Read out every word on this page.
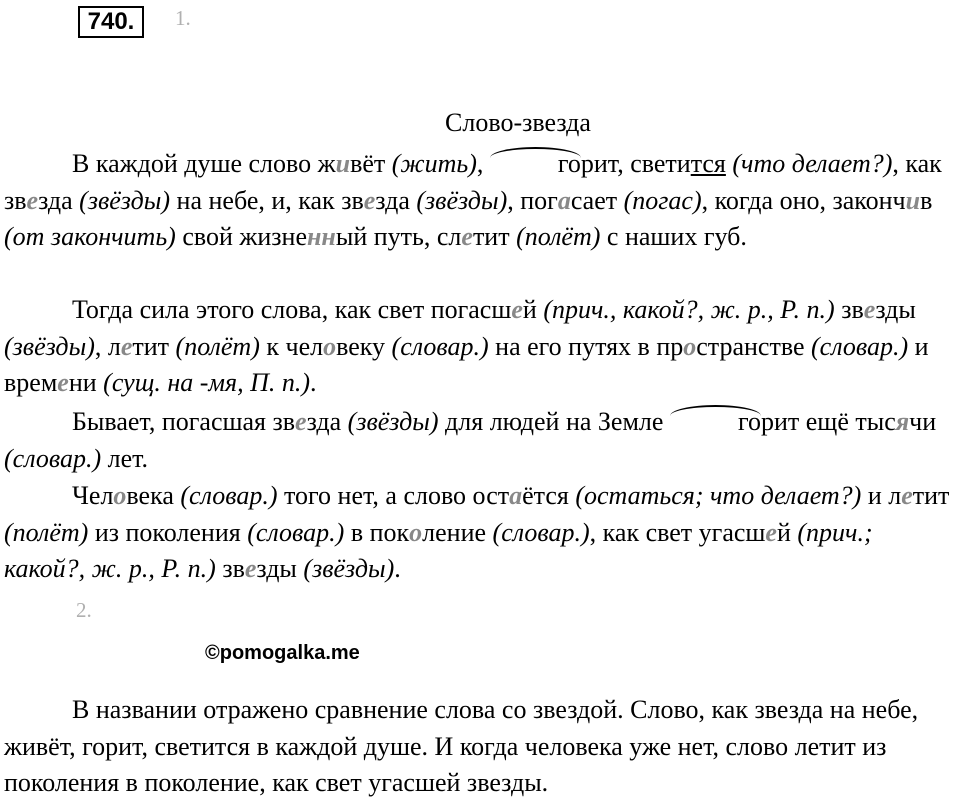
740.	1.
Слово-звезда

В каждой душе слово живёт (жить),	горит, светится (что делает?), как звезда (звёзды) на небе, и, как звезда (звёзды), погасает (погас), когда оно, закончив (от закончить) свой жизненный путь, слетит (полёт) с наших губ.

Тогда сила этого слова, как свет погасшей (прич., какой?, ж. р., Р. п.) звезды (звёзды), летит (полёт) к человеку (словар.) на его путях в пространстве (словар.) и времени (сущ. на -мя, П. п.).

Бывает, погасшая звезда (звёзды) для людей на Земле	горит ещё тысячи (словар.) лет.

Человека (словар.) того нет, а слово остаётся (остаться; что делает?) и летит (полёт) из поколения (словар.) в поколение (словар.), как свет угасшей (прич.; какой?, ж. р., Р. п.) звезды (звёзды).

2.
©pomogalka.me

В названии отражено сравнение слова со звездой. Слово, как звезда на небе, живёт, горит, светится в каждой душе. И когда человека уже нет, слово летит из поколения в поколение, как свет угасшей звезды.
